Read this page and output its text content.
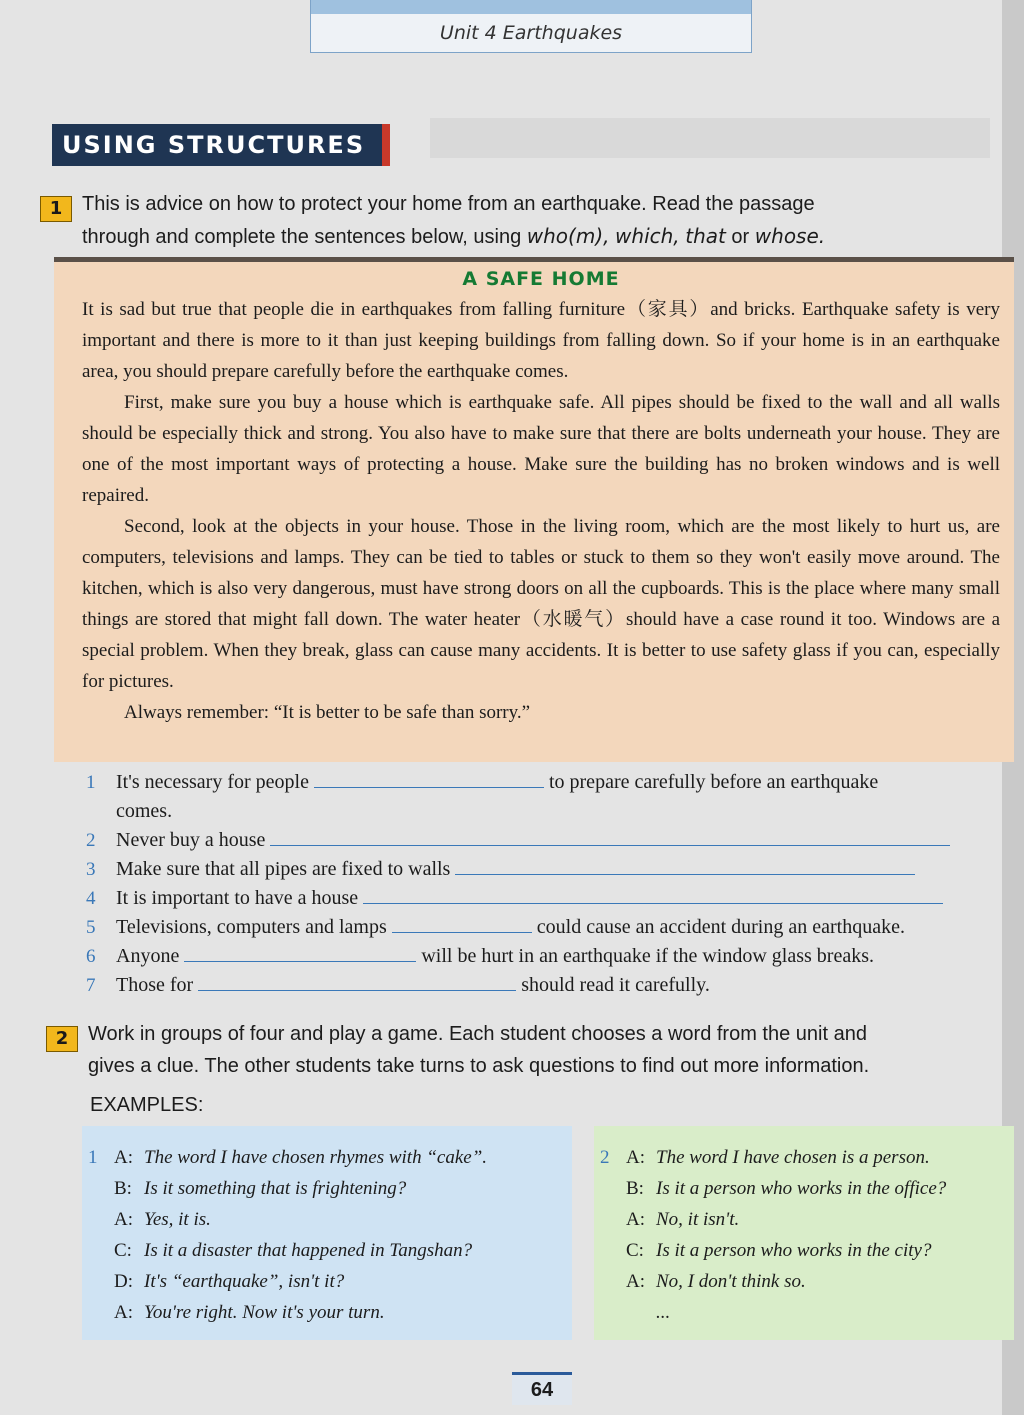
Unit 4 Earthquakes
USING STRUCTURES
1 This is advice on how to protect your home from an earthquake. Read the passage
through and complete the sentences below, using who(m), which, that or whose.
A SAFE HOME

It is sad but true that people die in earthquakes from falling furniture（家具）and bricks. Earthquake safety is very important and there is more to it than just keeping buildings from falling down. So if your home is in an earthquake area, you should prepare carefully before the earthquake comes.

First, make sure you buy a house which is earthquake safe. All pipes should be fixed to the wall and all walls should be especially thick and strong. You also have to make sure that there are bolts underneath your house. They are one of the most important ways of protecting a house. Make sure the building has no broken windows and is well repaired.

Second, look at the objects in your house. Those in the living room, which are the most likely to hurt us, are computers, televisions and lamps. They can be tied to tables or stuck to them so they won't easily move around. The kitchen, which is also very dangerous, must have strong doors on all the cupboards. This is the place where many small things are stored that might fall down. The water heater（水暖气）should have a case round it too. Windows are a special problem. When they break, glass can cause many accidents. It is better to use safety glass if you can, especially for pictures.

Always remember: “It is better to be safe than sorry.”

1 It's necessary for people	to prepare carefully before an earthquake
comes.
2 Never buy a house
3 Make sure that all pipes are fixed to walls
4 It is important to have a house
5 Televisions, computers and lamps	could cause an accident during an earthquake.
6 Anyone	will be hurt in an earthquake if the window glass breaks.
7 Those for	should read it carefully.
2 Work in groups of four and play a game. Each student chooses a word from the unit and
gives a clue. The other students take turns to ask questions to find out more information.
EXAMPLES:
1 A: The word I have chosen rhymes with “cake”.
B: Is it something that is frightening?
A: Yes, it is.
C: Is it a disaster that happened in Tangshan?
D: It's “earthquake”, isn't it?
A: You're right. Now it's your turn.
2 A: The word I have chosen is a person.
B: Is it a person who works in the office?
A: No, it isn't.
C: Is it a person who works in the city?
A: No, I don't think so.
...
64
